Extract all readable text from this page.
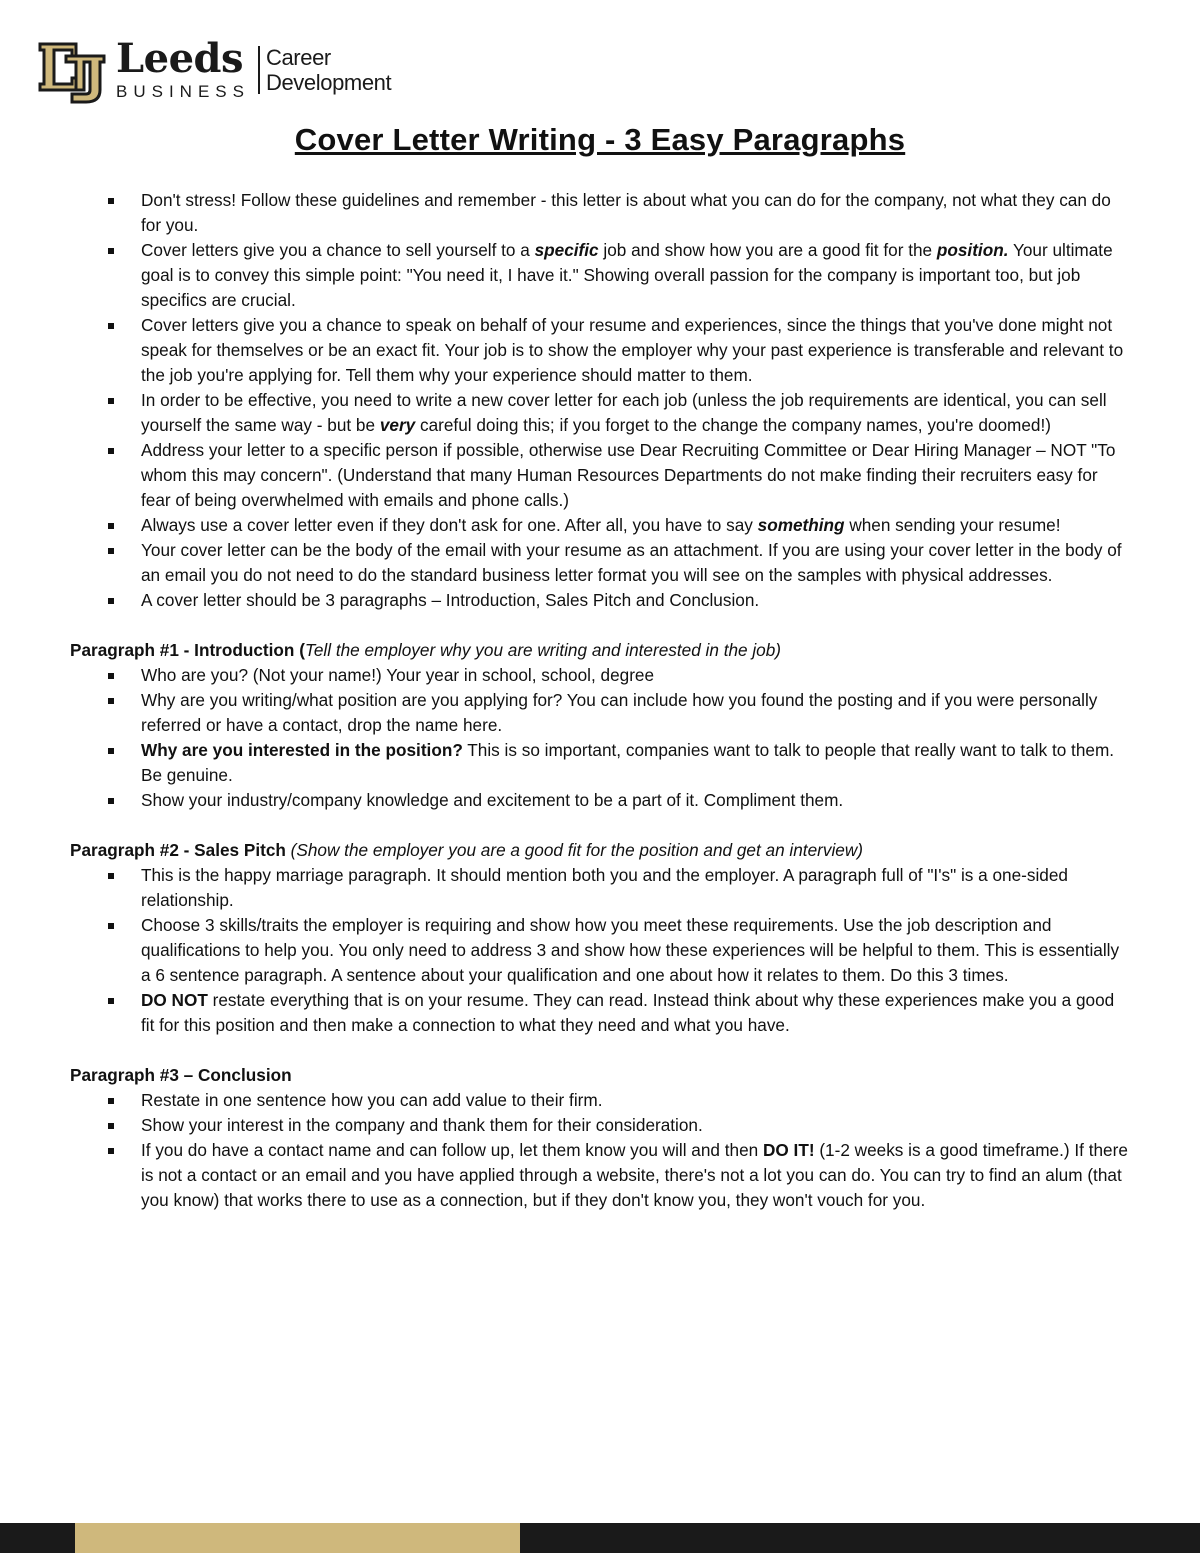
Leeds
BUSINESS
Career
Development
Cover Letter Writing - 3 Easy Paragraphs
Don't stress! Follow these guidelines and remember - this letter is about what you can do for the company, not what they can do for you.
Cover letters give you a chance to sell yourself to a specific job and show how you are a good fit for the position. Your ultimate goal is to convey this simple point: "You need it, I have it." Showing overall passion for the company is important too, but job specifics are crucial.
Cover letters give you a chance to speak on behalf of your resume and experiences, since the things that you've done might not speak for themselves or be an exact fit. Your job is to show the employer why your past experience is transferable and relevant to the job you're applying for. Tell them why your experience should matter to them.
In order to be effective, you need to write a new cover letter for each job (unless the job requirements are identical, you can sell yourself the same way - but be very careful doing this; if you forget to the change the company names, you're doomed!)
Address your letter to a specific person if possible, otherwise use Dear Recruiting Committee or Dear Hiring Manager – NOT "To whom this may concern". (Understand that many Human Resources Departments do not make finding their recruiters easy for fear of being overwhelmed with emails and phone calls.)
Always use a cover letter even if they don't ask for one. After all, you have to say something when sending your resume!
Your cover letter can be the body of the email with your resume as an attachment. If you are using your cover letter in the body of an email you do not need to do the standard business letter format you will see on the samples with physical addresses.
A cover letter should be 3 paragraphs – Introduction, Sales Pitch and Conclusion.
Paragraph #1 - Introduction (Tell the employer why you are writing and interested in the job)
Who are you? (Not your name!) Your year in school, school, degree
Why are you writing/what position are you applying for? You can include how you found the posting and if you were personally referred or have a contact, drop the name here.
Why are you interested in the position? This is so important, companies want to talk to people that really want to talk to them. Be genuine.
Show your industry/company knowledge and excitement to be a part of it. Compliment them.
Paragraph #2 - Sales Pitch (Show the employer you are a good fit for the position and get an interview)
This is the happy marriage paragraph. It should mention both you and the employer. A paragraph full of "I's" is a one-sided relationship.
Choose 3 skills/traits the employer is requiring and show how you meet these requirements. Use the job description and qualifications to help you. You only need to address 3 and show how these experiences will be helpful to them. This is essentially a 6 sentence paragraph. A sentence about your qualification and one about how it relates to them. Do this 3 times.
DO NOT restate everything that is on your resume. They can read. Instead think about why these experiences make you a good fit for this position and then make a connection to what they need and what you have.
Paragraph #3 – Conclusion
Restate in one sentence how you can add value to their firm.
Show your interest in the company and thank them for their consideration.
If you do have a contact name and can follow up, let them know you will and then DO IT! (1-2 weeks is a good timeframe.) If there is not a contact or an email and you have applied through a website, there's not a lot you can do. You can try to find an alum (that you know) that works there to use as a connection, but if they don't know you, they won't vouch for you.
